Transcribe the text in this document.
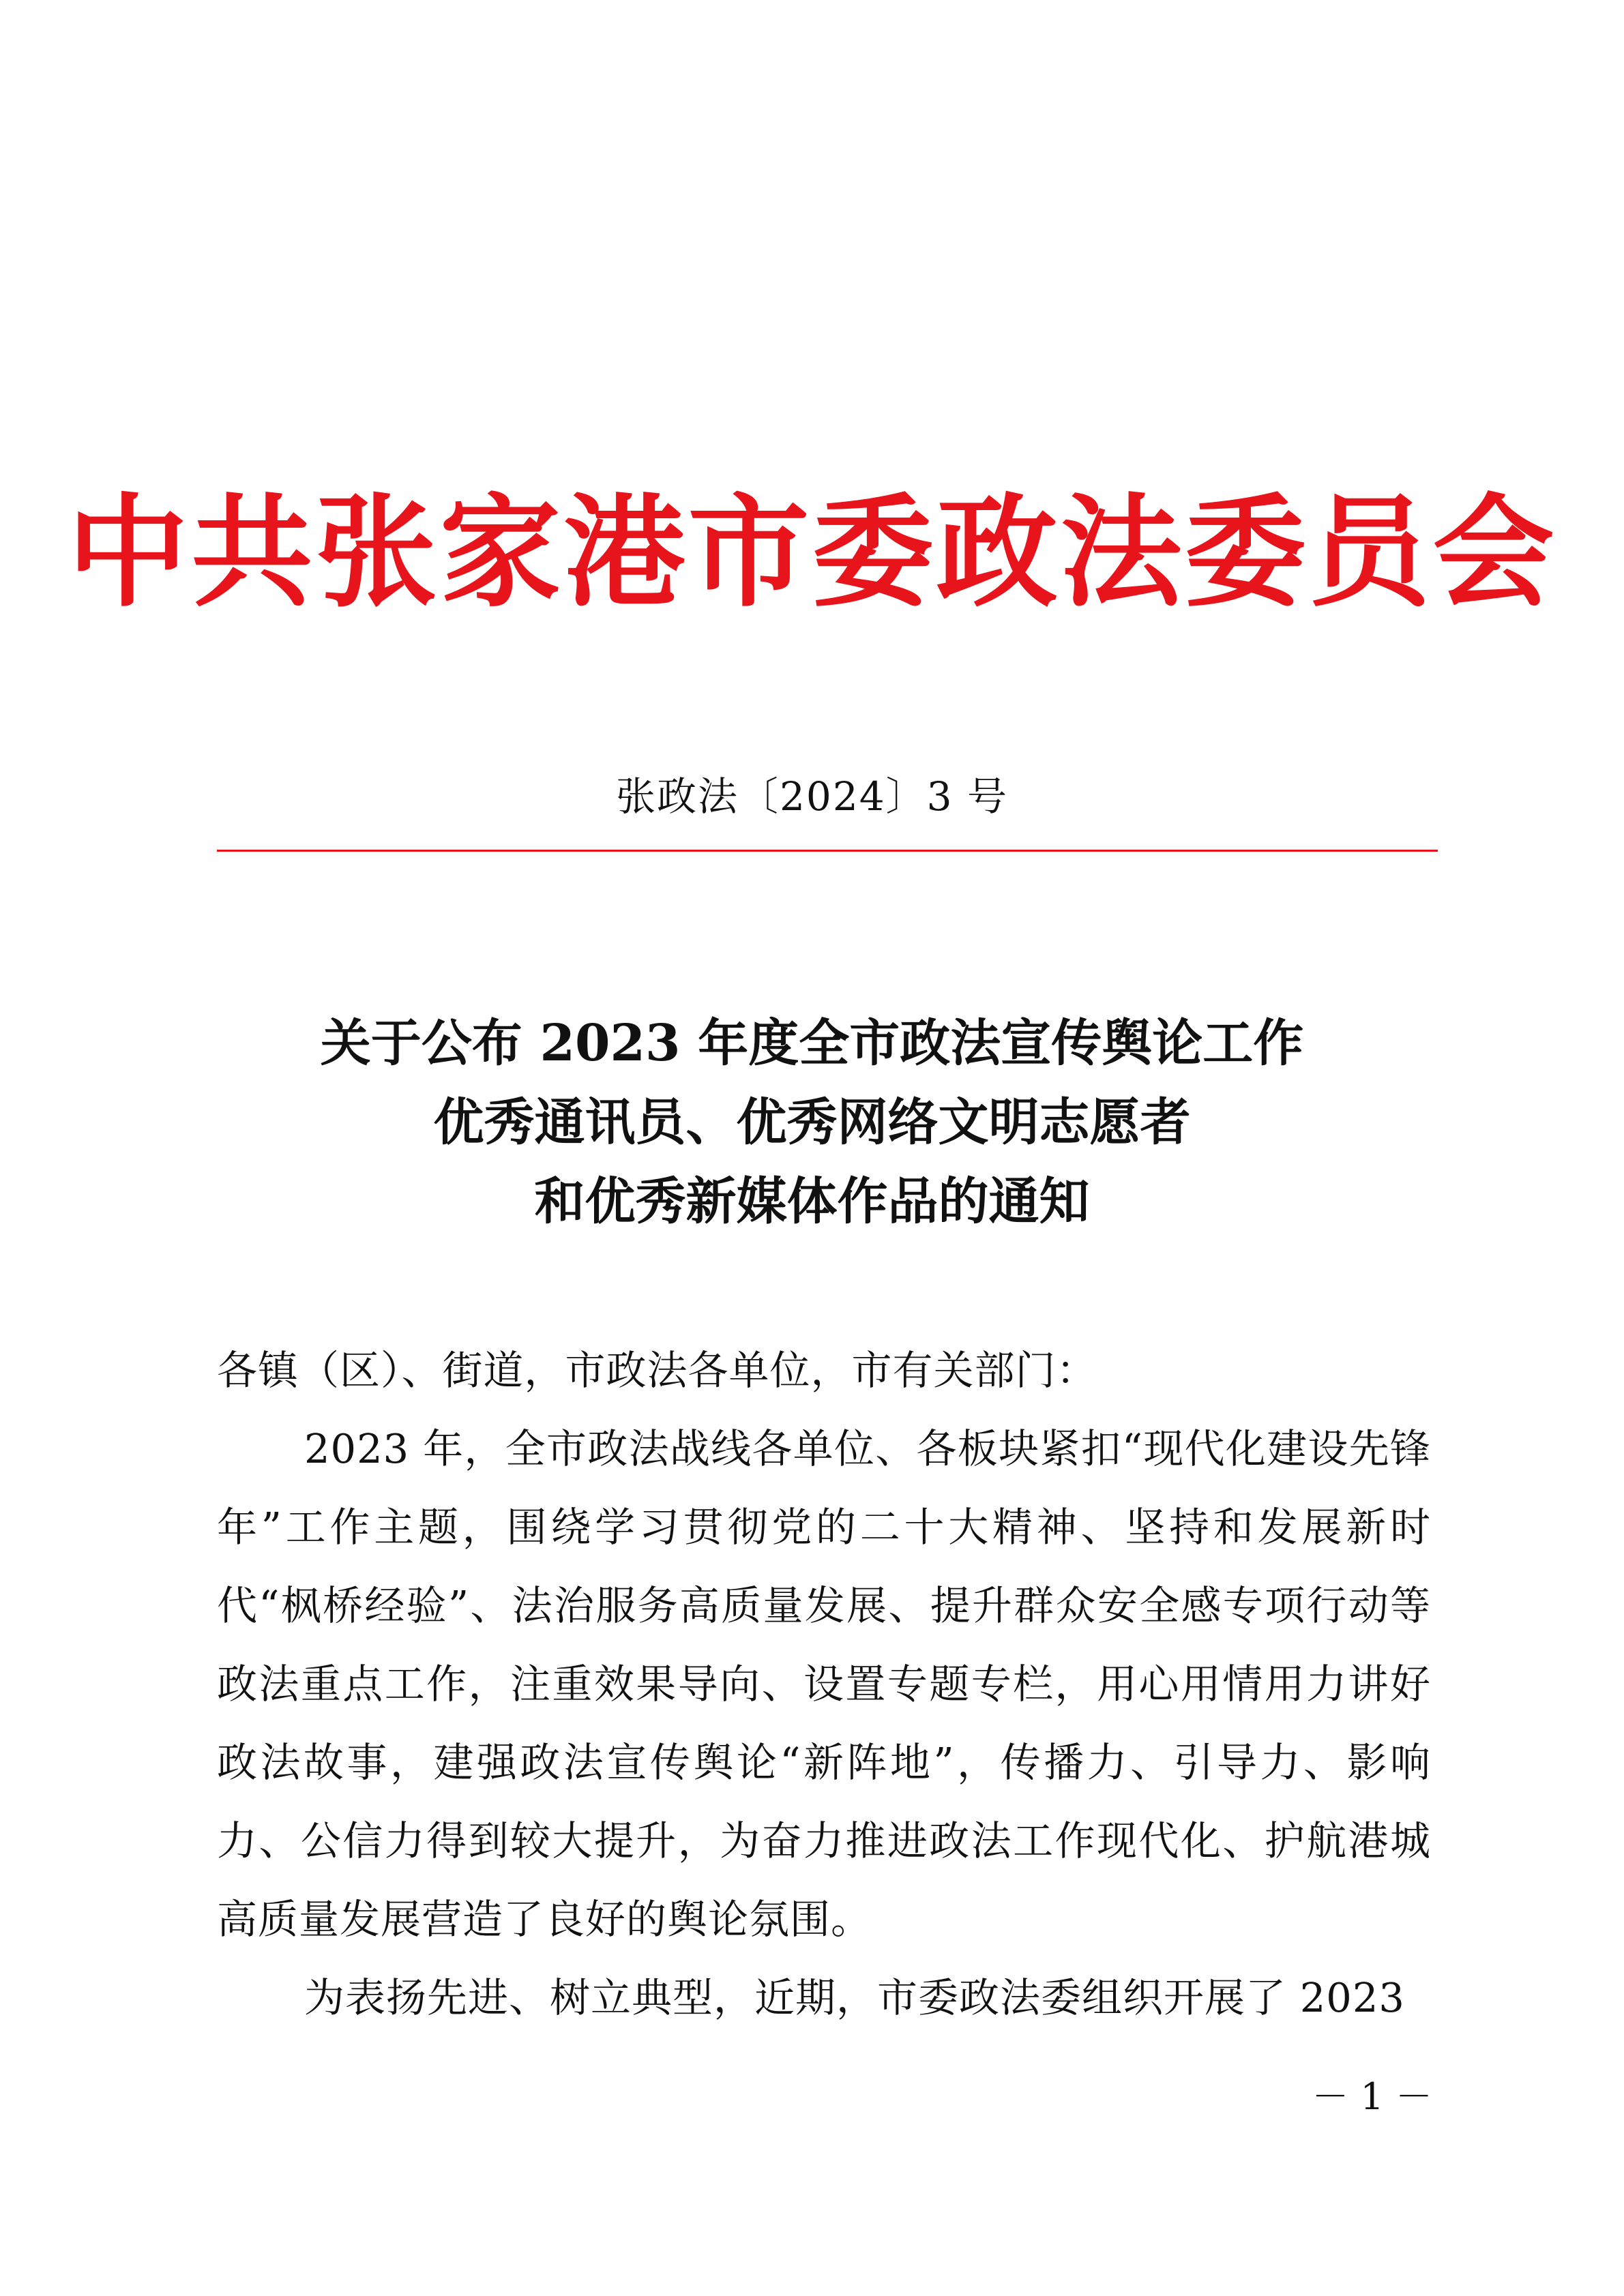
中共张家港市委政法委员会
张政法〔2024〕3 号
关于公布 2023 年度全市政法宣传舆论工作
优秀通讯员、优秀网络文明志愿者
和优秀新媒体作品的通知

各镇（区）、街道，市政法各单位，市有关部门：

2023 年，全市政法战线各单位、各板块紧扣“现代化建设先锋年”工作主题，围绕学习贯彻党的二十大精神、坚持和发展新时代“枫桥经验”、法治服务高质量发展、提升群众安全感专项行动等政法重点工作，注重效果导向、设置专题专栏，用心用情用力讲好政法故事，建强政法宣传舆论“新阵地”，传播力、引导力、影响力、公信力得到较大提升，为奋力推进政法工作现代化、护航港城高质量发展营造了良好的舆论氛围。

为表扬先进、树立典型，近期，市委政法委组织开展了 2023

－ 1 －
